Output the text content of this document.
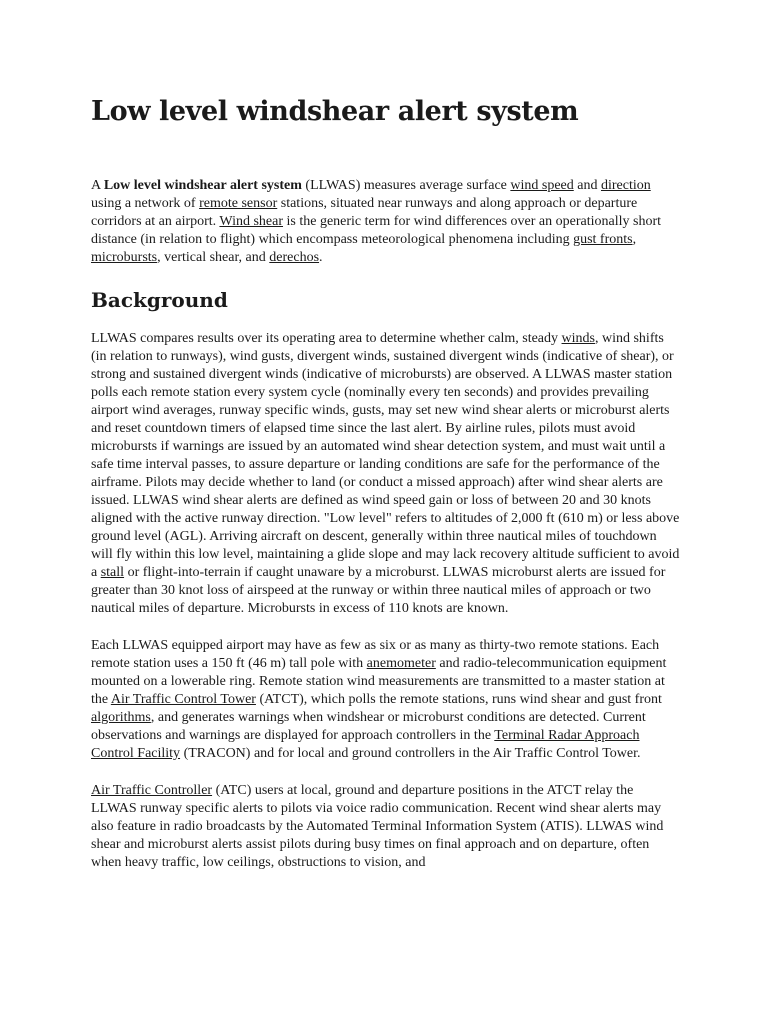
Low level windshear alert system

A Low level windshear alert system (LLWAS) measures average surface wind speed and direction using a network of remote sensor stations, situated near runways and along approach or departure corridors at an airport. Wind shear is the generic term for wind differences over an operationally short distance (in relation to flight) which encompass meteorological phenomena including gust fronts, microbursts, vertical shear, and derechos.

Background

LLWAS compares results over its operating area to determine whether calm, steady winds, wind shifts (in relation to runways), wind gusts, divergent winds, sustained divergent winds (indicative of shear), or strong and sustained divergent winds (indicative of microbursts) are observed. A LLWAS master station polls each remote station every system cycle (nominally every ten seconds) and provides prevailing airport wind averages, runway specific winds, gusts, may set new wind shear alerts or microburst alerts and reset countdown timers of elapsed time since the last alert. By airline rules, pilots must avoid microbursts if warnings are issued by an automated wind shear detection system, and must wait until a safe time interval passes, to assure departure or landing conditions are safe for the performance of the airframe. Pilots may decide whether to land (or conduct a missed approach) after wind shear alerts are issued. LLWAS wind shear alerts are defined as wind speed gain or loss of between 20 and 30 knots aligned with the active runway direction. "Low level" refers to altitudes of 2,000 ft (610 m) or less above ground level (AGL). Arriving aircraft on descent, generally within three nautical miles of touchdown will fly within this low level, maintaining a glide slope and may lack recovery altitude sufficient to avoid a stall or flight-into-terrain if caught unaware by a microburst. LLWAS microburst alerts are issued for greater than 30 knot loss of airspeed at the runway or within three nautical miles of approach or two nautical miles of departure. Microbursts in excess of 110 knots are known.

Each LLWAS equipped airport may have as few as six or as many as thirty-two remote stations. Each remote station uses a 150 ft (46 m) tall pole with anemometer and radio-telecommunication equipment mounted on a lowerable ring. Remote station wind measurements are transmitted to a master station at the Air Traffic Control Tower (ATCT), which polls the remote stations, runs wind shear and gust front algorithms, and generates warnings when windshear or microburst conditions are detected. Current observations and warnings are displayed for approach controllers in the Terminal Radar Approach Control Facility (TRACON) and for local and ground controllers in the Air Traffic Control Tower.

Air Traffic Controller (ATC) users at local, ground and departure positions in the ATCT relay the LLWAS runway specific alerts to pilots via voice radio communication. Recent wind shear alerts may also feature in radio broadcasts by the Automated Terminal Information System (ATIS). LLWAS wind shear and microburst alerts assist pilots during busy times on final approach and on departure, often when heavy traffic, low ceilings, obstructions to vision, and
